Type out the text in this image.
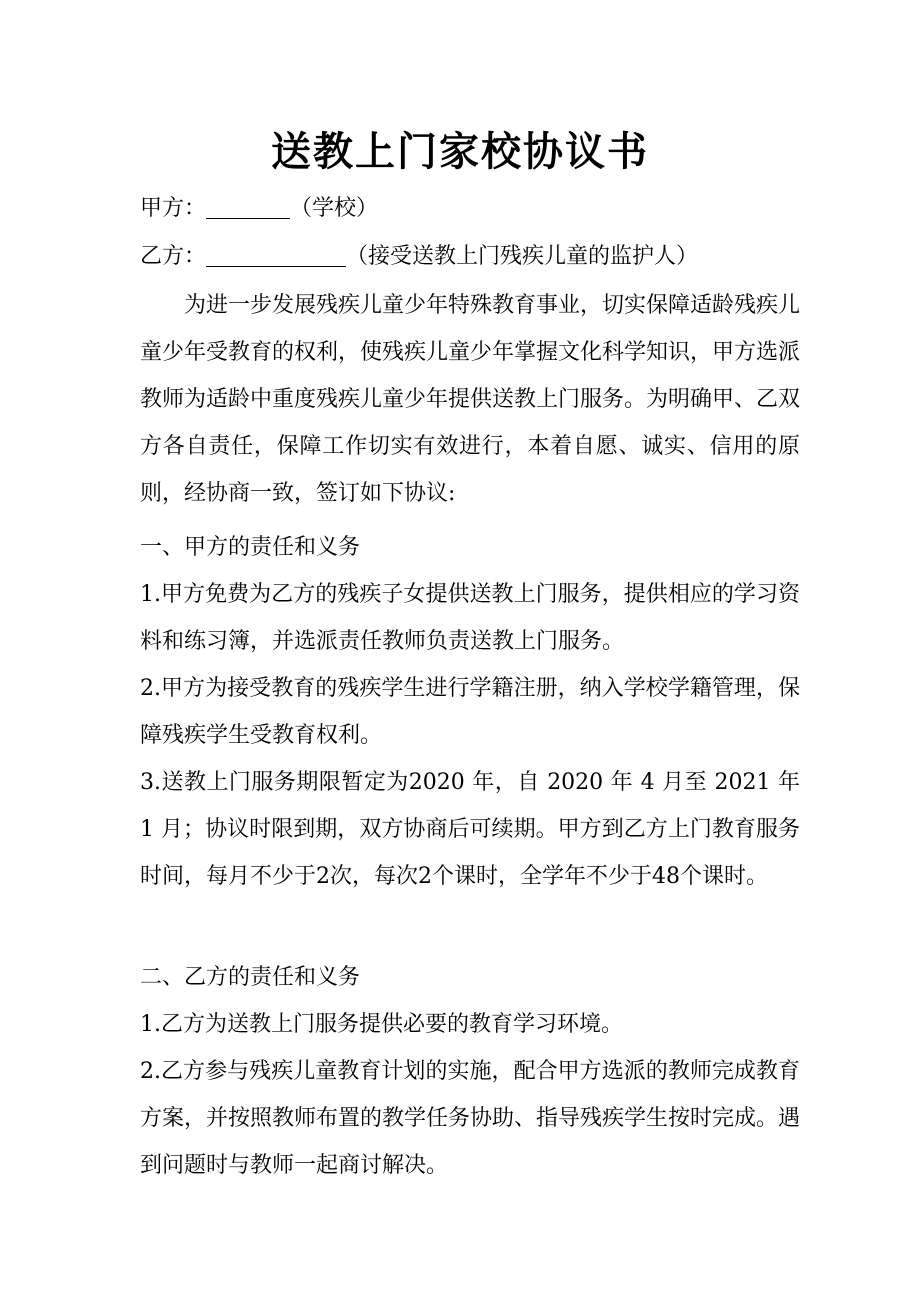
送教上门家校协议书
甲方：	（学校）
乙方：	（接受送教上门残疾儿童的监护人）
为进一步发展残疾儿童少年特殊教育事业，切实保障适龄残疾儿童少年受教育的权利，使残疾儿童少年掌握文化科学知识，甲方选派教师为适龄中重度残疾儿童少年提供送教上门服务。为明确甲、乙双方各自责任，保障工作切实有效进行，本着自愿、诚实、信用的原则，经协商一致，签订如下协议:
一、甲方的责任和义务
1.甲方免费为乙方的残疾子女提供送教上门服务，提供相应的学习资料和练习簿，并选派责任教师负责送教上门服务。
2.甲方为接受教育的残疾学生进行学籍注册，纳入学校学籍管理，保障残疾学生受教育权利。
3.送教上门服务期限暂定为2020 年，自 2020 年 4 月至 2021 年 1 月；协议时限到期，双方协商后可续期。甲方到乙方上门教育服务时间，每月不少于2次，每次2个课时，全学年不少于48个课时。
二、乙方的责任和义务
1.乙方为送教上门服务提供必要的教育学习环境。
2.乙方参与残疾儿童教育计划的实施，配合甲方选派的教师完成教育方案，并按照教师布置的教学任务协助、指导残疾学生按时完成。遇到问题时与教师一起商讨解决。
